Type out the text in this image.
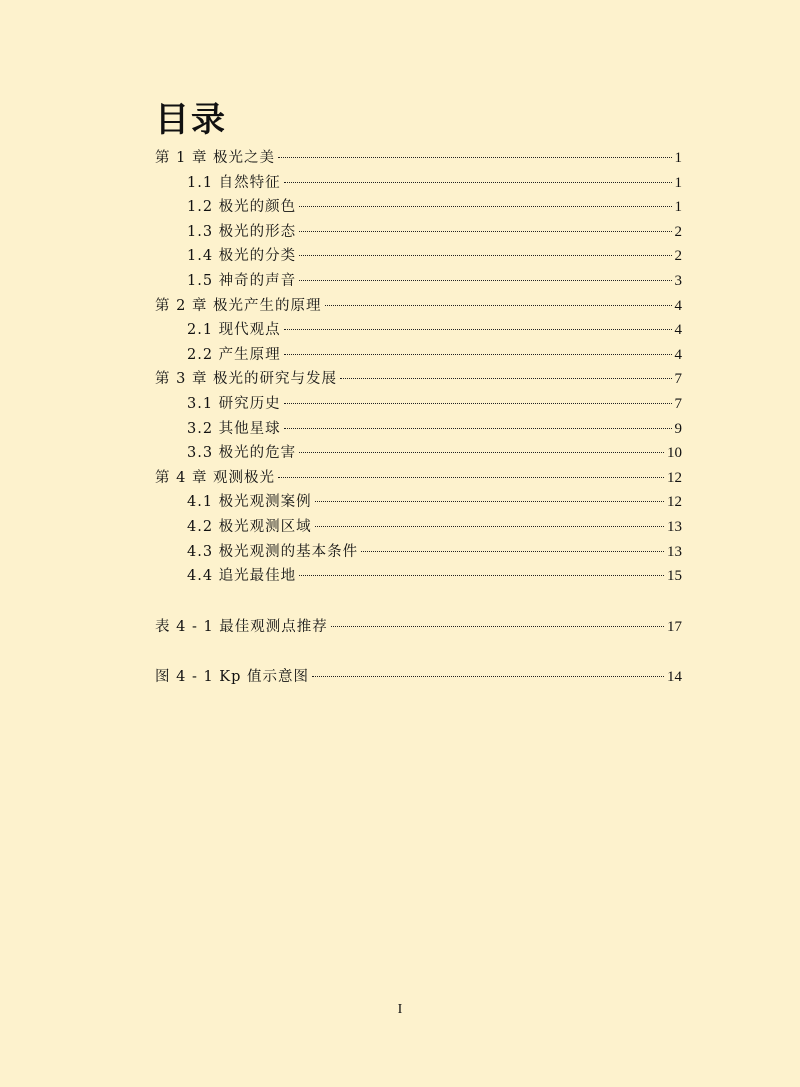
目录
第 1 章 极光之美	1
1.1 自然特征	1
1.2 极光的颜色	1
1.3 极光的形态	2
1.4 极光的分类	2
1.5 神奇的声音	3
第 2 章 极光产生的原理	4
2.1 现代观点	4
2.2 产生原理	4
第 3 章 极光的研究与发展	7
3.1 研究历史	7
3.2 其他星球	9
3.3 极光的危害	10
第 4 章 观测极光	12
4.1 极光观测案例	12
4.2 极光观测区域	13
4.3 极光观测的基本条件	13
4.4 追光最佳地	15
表 4 - 1 最佳观测点推荐	17
图 4 - 1 Kp 值示意图	14
I
